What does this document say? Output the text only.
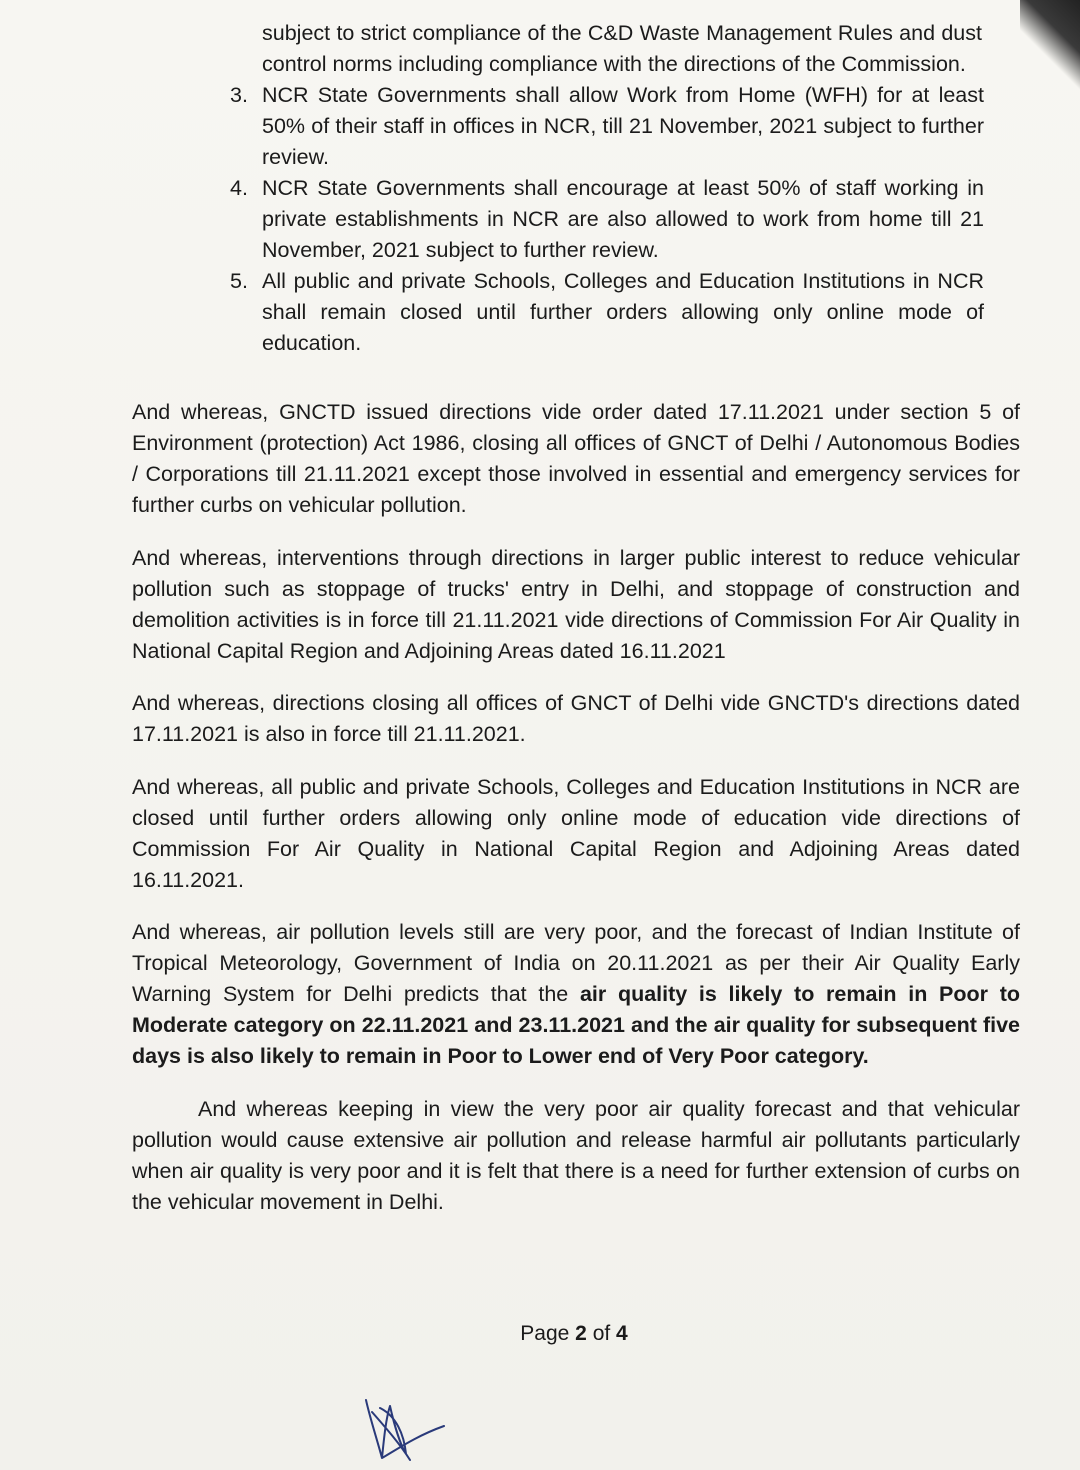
subject to strict compliance of the C&D Waste Management Rules and dust control norms including compliance with the directions of the Commission.
3. NCR State Governments shall allow Work from Home (WFH) for at least 50% of their staff in offices in NCR, till 21 November, 2021 subject to further review.
4. NCR State Governments shall encourage at least 50% of staff working in private establishments in NCR are also allowed to work from home till 21 November, 2021 subject to further review.
5. All public and private Schools, Colleges and Education Institutions in NCR shall remain closed until further orders allowing only online mode of education.

And whereas, GNCTD issued directions vide order dated 17.11.2021 under section 5 of Environment (protection) Act 1986, closing all offices of GNCT of Delhi / Autonomous Bodies / Corporations till 21.11.2021 except those involved in essential and emergency services for further curbs on vehicular pollution.

And whereas, interventions through directions in larger public interest to reduce vehicular pollution such as stoppage of trucks' entry in Delhi, and stoppage of construction and demolition activities is in force till 21.11.2021 vide directions of Commission For Air Quality in National Capital Region and Adjoining Areas dated 16.11.2021

And whereas, directions closing all offices of GNCT of Delhi vide GNCTD's directions dated 17.11.2021 is also in force till 21.11.2021.

And whereas, all public and private Schools, Colleges and Education Institutions in NCR are closed until further orders allowing only online mode of education vide directions of Commission For Air Quality in National Capital Region and Adjoining Areas dated 16.11.2021.

And whereas, air pollution levels still are very poor, and the forecast of Indian Institute of Tropical Meteorology, Government of India on 20.11.2021 as per their Air Quality Early Warning System for Delhi predicts that the air quality is likely to remain in Poor to Moderate category on 22.11.2021 and 23.11.2021 and the air quality for subsequent five days is also likely to remain in Poor to Lower end of Very Poor category.

And whereas keeping in view the very poor air quality forecast and that vehicular pollution would cause extensive air pollution and release harmful air pollutants particularly when air quality is very poor and it is felt that there is a need for further extension of curbs on the vehicular movement in Delhi.

Page 2 of 4
